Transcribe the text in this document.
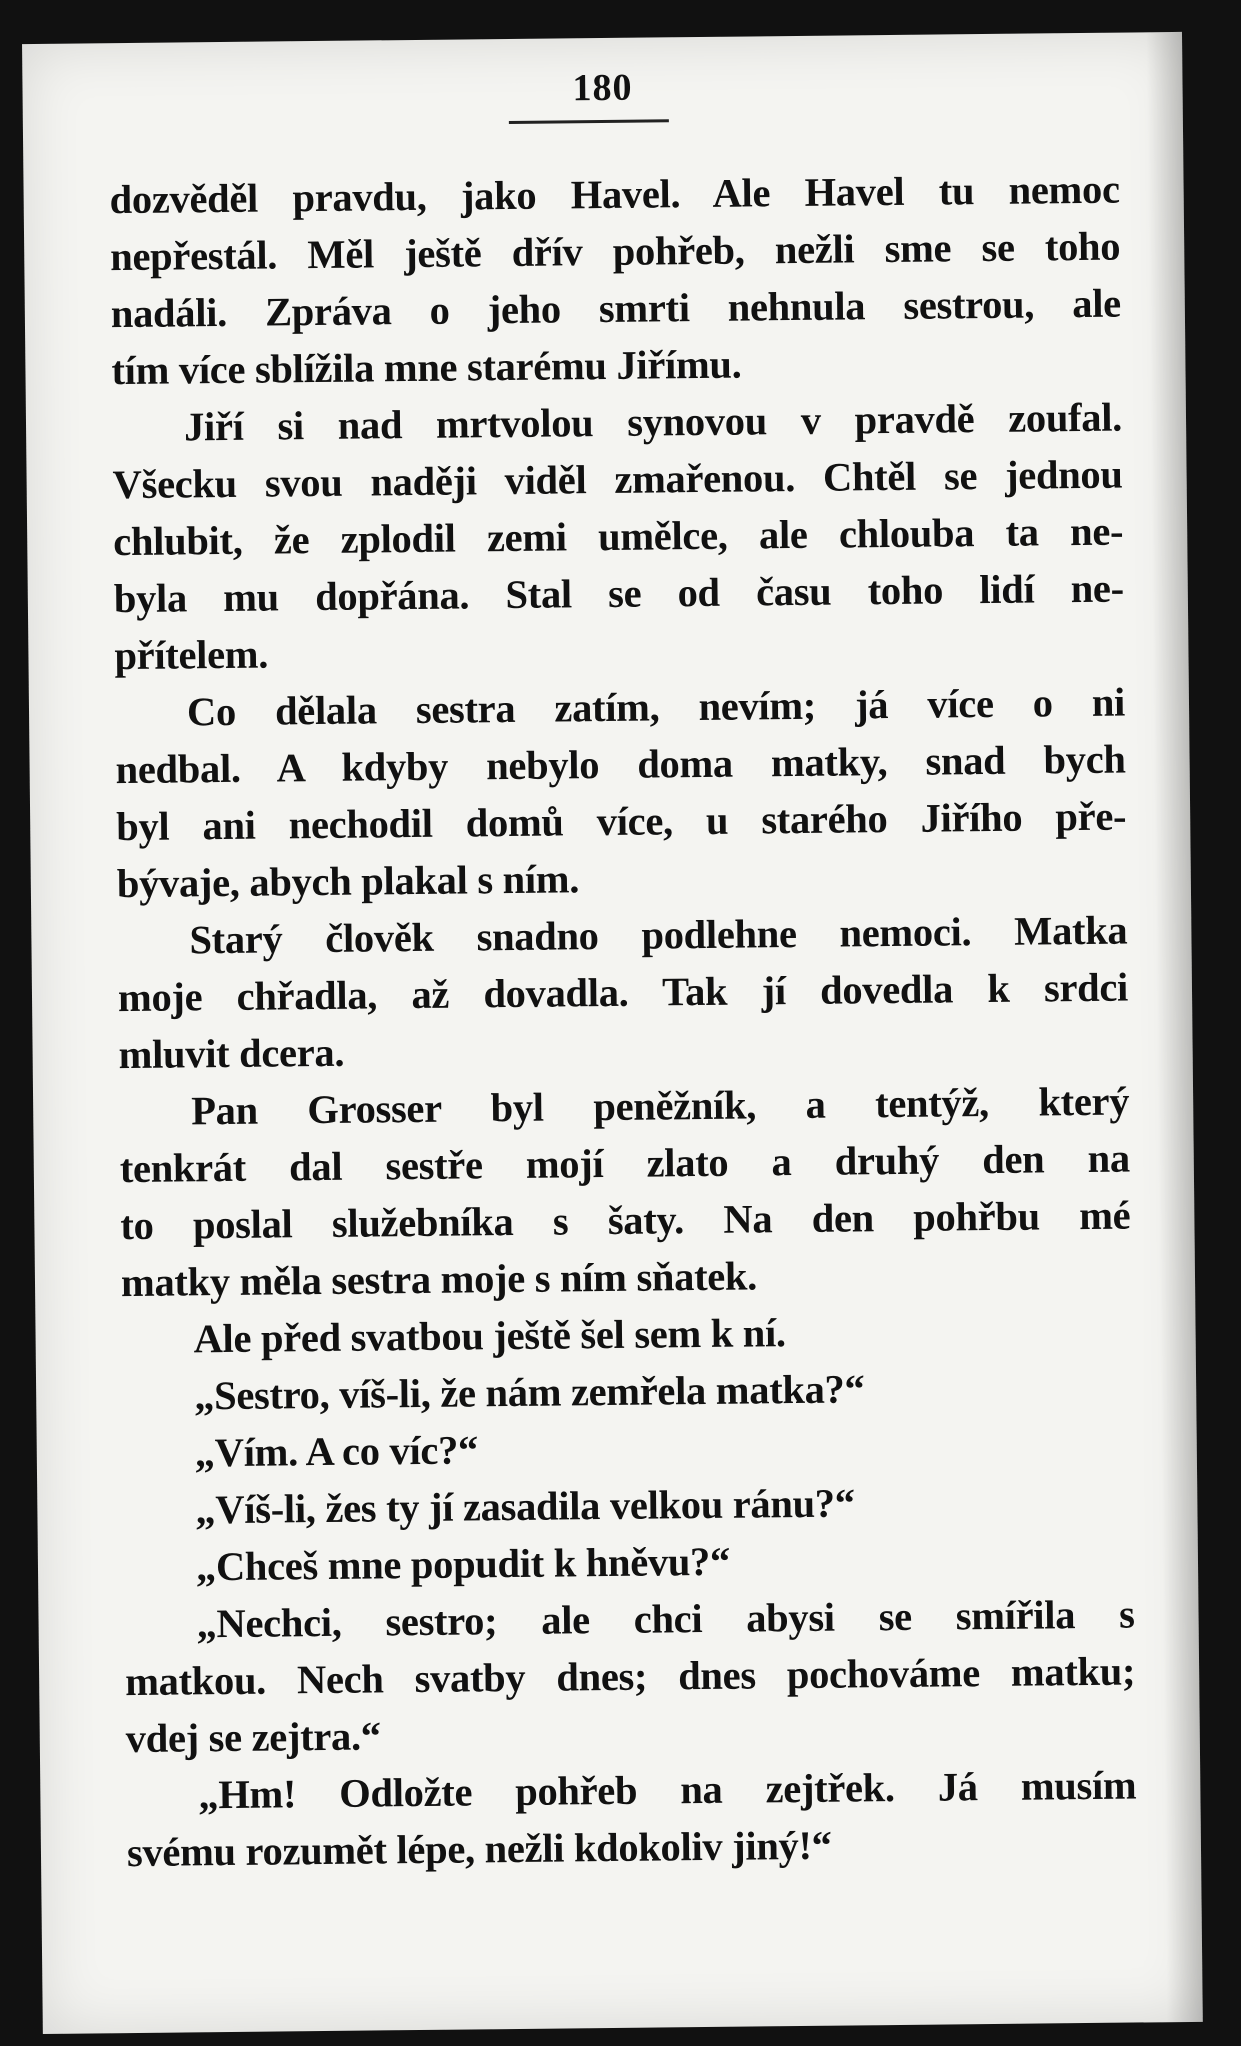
180
dozvěděl pravdu, jako Havel. Ale Havel tu nemoc
nepřestál. Měl ještě dřív pohřeb, nežli sme se toho
nadáli. Zpráva o jeho smrti nehnula sestrou, ale
tím více sblížila mne starému Jiřímu.
Jiří si nad mrtvolou synovou v pravdě zoufal.
Všecku svou naději viděl zmařenou. Chtěl se jednou
chlubit, že zplodil zemi umělce, ale chlouba ta ne-
byla mu dopřána. Stal se od času toho lidí ne-
přítelem.
Co dělala sestra zatím, nevím; já více o ni
nedbal. A kdyby nebylo doma matky, snad bych
byl ani nechodil domů více, u starého Jiřího pře-
bývaje, abych plakal s ním.
Starý člověk snadno podlehne nemoci. Matka
moje chřadla, až dovadla. Tak jí dovedla k srdci
mluvit dcera.
Pan Grosser byl peněžník, a tentýž, který
tenkrát dal sestře mojí zlato a druhý den na
to poslal služebníka s šaty. Na den pohřbu mé
matky měla sestra moje s ním sňatek.
Ale před svatbou ještě šel sem k ní.
„Sestro, víš-li, že nám zemřela matka?“
„Vím. A co víc?“
„Víš-li, žes ty jí zasadila velkou ránu?“
„Chceš mne popudit k hněvu?“
„Nechci, sestro; ale chci abysi se smířila s
matkou. Nech svatby dnes; dnes pochováme matku;
vdej se zejtra.“
„Hm! Odložte pohřeb na zejtřek. Já musím
svému rozumět lépe, nežli kdokoliv jiný!“
